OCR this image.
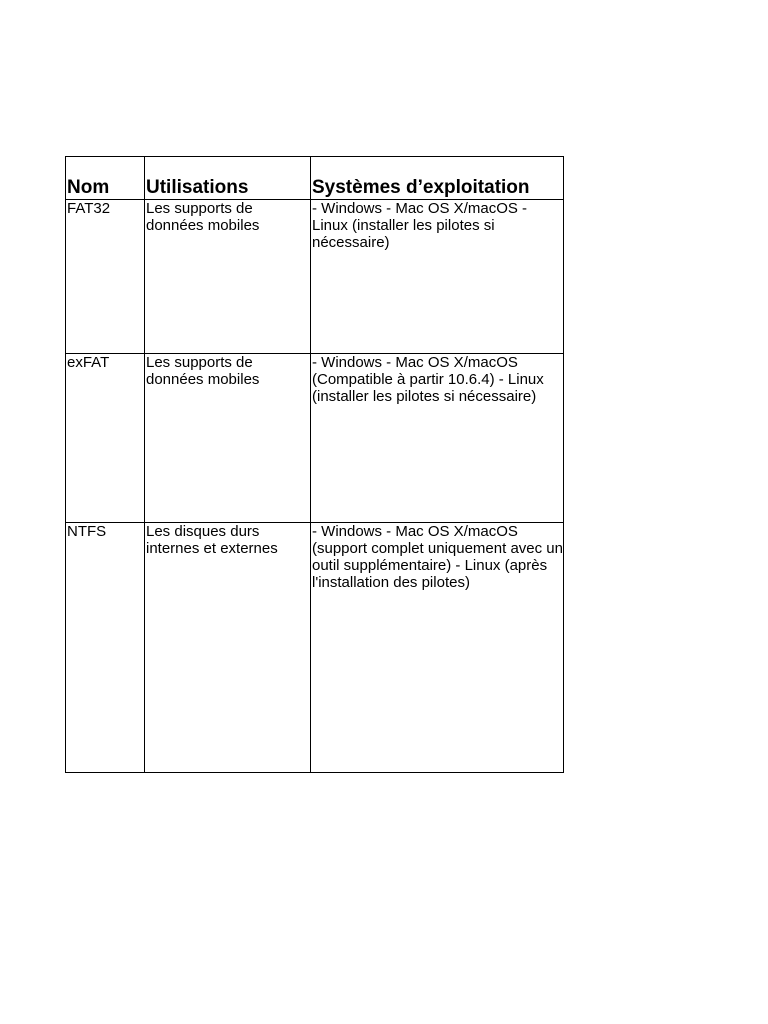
Nom	Utilisations	Systèmes d’exploitation
FAT32	Les supports de données mobiles	- Windows - Mac OS X/macOS - Linux (installer les pilotes si nécessaire)
exFAT	Les supports de données mobiles	- Windows - Mac OS X/macOS (Compatible à partir 10.6.4) - Linux (installer les pilotes si nécessaire)
NTFS	Les disques durs internes et externes	- Windows - Mac OS X/macOS (support complet uniquement avec un outil supplémentaire) - Linux (après l'installation des pilotes)
